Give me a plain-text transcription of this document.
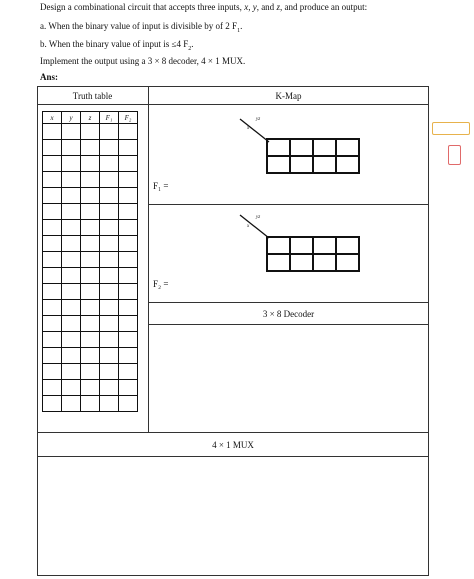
Design a combinational circuit that accepts three inputs, x, y, and z, and produce an output:
a. When the binary value of input is divisible by of 2 $F_1$.
b. When the binary value of input is ≤4 $F_2$.
Implement the output using a 3 × 8 decoder, 4 × 1 MUX.
Ans:
Truth table	K-Map
x	y	z	F₁	F₂

					yz
x

F₁ =
yz
x

F₂ =
3 × 8 Decoder
4 × 1 MUX
